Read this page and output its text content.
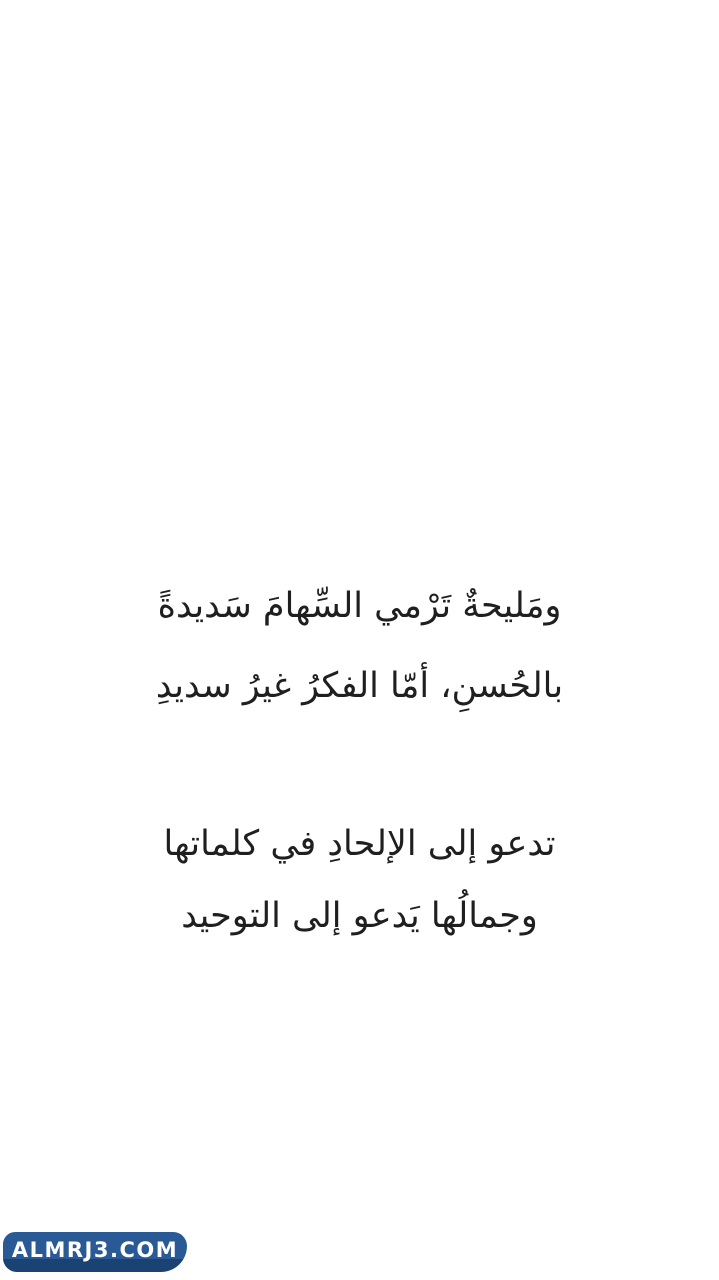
ومَليحةٌ تَرْمي السِّهامَ سَديدةً
بالحُسنِ، أمّا الفكرُ غيرُ سديدِ
تدعو إلى الإلحادِ في كلماتها
وجمالُها يَدعو إلى التوحيد
ALMRJ3.COM
